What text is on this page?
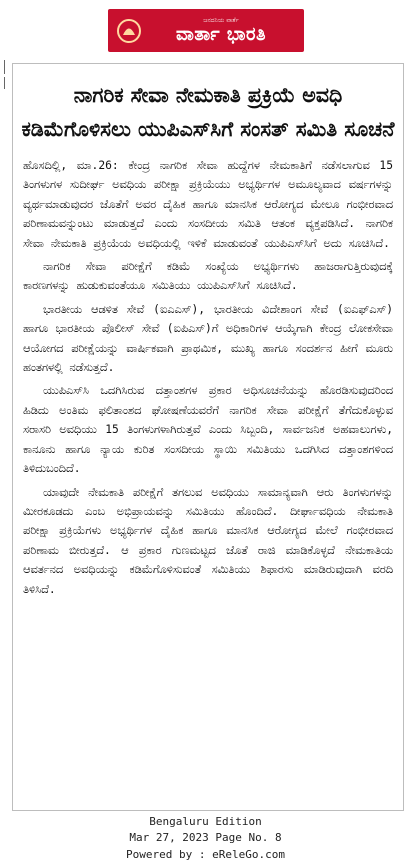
ಜನದನಿಯ ವಾರ್ತೆ
ವಾರ್ತಾ ಭಾರತಿ
ನಾಗರಿಕ ಸೇವಾ ನೇಮಕಾತಿ ಪ್ರಕ್ರಿಯೆ ಅವಧಿ ಕಡಿಮೆಗೊಳಿಸಲು ಯುಪಿಎಸ್‌ಸಿಗೆ ಸಂಸತ್ ಸಮಿತಿ ಸೂಚನೆ

ಹೊಸದಿಲ್ಲಿ, ಮಾ.26: ಕೇಂದ್ರ ನಾಗರಿಕ ಸೇವಾ ಹುದ್ದೆಗಳ ನೇಮಕಾತಿಗೆ ನಡೆಸಲಾಗುವ 15 ತಿಂಗಳುಗಳ ಸುದೀರ್ಘ ಅವಧಿಯ ಪರೀಕ್ಷಾ ಪ್ರಕ್ರಿಯೆಯು ಅಭ್ಯರ್ಥಿಗಳ ಅಮೂಲ್ಯವಾದ ವರ್ಷಗಳನ್ನು ವ್ಯರ್ಥಮಾಡುವುದರ ಜೊತೆಗೆ ಅವರ ದೈಹಿಕ ಹಾಗೂ ಮಾನಸಿಕ ಆರೋಗ್ಯದ ಮೇಲೂ ಗಂಭೀರವಾದ ಪರಿಣಾಮವನ್ನುಂಟು ಮಾಡುತ್ತದೆ ಎಂದು ಸಂಸದೀಯ ಸಮಿತಿ ಆತಂಕ ವ್ಯಕ್ತಪಡಿಸಿದೆ. ನಾಗರಿಕ ಸೇವಾ ನೇಮಕಾತಿ ಪ್ರಕ್ರಿಯೆಯ ಅವಧಿಯಲ್ಲಿ ಇಳಿಕೆ ಮಾಡುವಂತೆ ಯುಪಿಎಸ್‌ಸಿಗೆ ಅದು ಸೂಚಿಸಿದೆ.

ನಾಗರಿಕ ಸೇವಾ ಪರೀಕ್ಷೆಗೆ ಕಡಿಮೆ ಸಂಖ್ಯೆಯ ಅಭ್ಯರ್ಥಿಗಳು ಹಾಜರಾಗುತ್ತಿರುವುದಕ್ಕೆ ಕಾರಣಗಳನ್ನು ಹುಡುಕುವಂತೆಯೂ ಸಮಿತಿಯು ಯುಪಿಎಸ್‌ಸಿಗೆ ಸೂಚಿಸಿದೆ.

ಭಾರತೀಯ ಆಡಳಿತ ಸೇವೆ (ಐಎಎಸ್), ಭಾರತೀಯ ವಿದೇಶಾಂಗ ಸೇವೆ (ಐಎಫ್‌ಎಸ್) ಹಾಗೂ ಭಾರತೀಯ ಪೊಲೀಸ್ ಸೇವೆ (ಐಪಿಎಸ್)ಗೆ ಅಧಿಕಾರಿಗಳ ಆಯ್ಕೆಗಾಗಿ ಕೇಂದ್ರ ಲೋಕಸೇವಾ ಆಯೋಗದ ಪರೀಕ್ಷೆಯನ್ನು ವಾರ್ಷಿಕವಾಗಿ ಪ್ರಾಥಮಿಕ, ಮುಖ್ಯ ಹಾಗೂ ಸಂದರ್ಶನ ಹೀಗೆ ಮೂರು ಹಂತಗಳಲ್ಲಿ ನಡೆಸುತ್ತದೆ.

ಯುಪಿಎಸ್‌ಸಿ ಒದಗಿಸಿರುವ ದತ್ತಾಂಶಗಳ ಪ್ರಕಾರ ಅಧಿಸೂಚನೆಯನ್ನು ಹೊರಡಿಸುವುದರಿಂದ ಹಿಡಿದು ಅಂತಿಮ ಫಲಿತಾಂಶದ ಘೋಷಣೆಯವರೆಗೆ ನಾಗರಿಕ ಸೇವಾ ಪರೀಕ್ಷೆಗೆ ತೆಗೆದುಕೊಳ್ಳುವ ಸರಾಸರಿ ಅವಧಿಯು 15 ತಿಂಗಳುಗಳಾಗಿರುತ್ತವೆ ಎಂದು ಸಿಬ್ಬಂದಿ, ಸಾರ್ವಜನಿಕ ಅಹವಾಲುಗಳು, ಕಾನೂನು ಹಾಗೂ ನ್ಯಾಯ ಕುರಿತ ಸಂಸದೀಯ ಸ್ಥಾಯಿ ಸಮಿತಿಯು ಒದಗಿಸಿದ ದತ್ತಾಂಶಗಳಿಂದ ತಿಳಿದುಬಂದಿದೆ.

ಯಾವುದೇ ನೇಮಕಾತಿ ಪರೀಕ್ಷೆಗೆ ತಗಲುವ ಅವಧಿಯು ಸಾಮಾನ್ಯವಾಗಿ ಆರು ತಿಂಗಳುಗಳನ್ನು ಮೀರಕೂಡದು ಎಂಬ ಅಭಿಪ್ರಾಯವನ್ನು ಸಮಿತಿಯು ಹೊಂದಿದೆ. ದೀರ್ಘಾವಧಿಯ ನೇಮಕಾತಿ ಪರೀಕ್ಷಾ ಪ್ರಕ್ರಿಯೆಗಳು ಅಭ್ಯರ್ಥಿಗಳ ದೈಹಿಕ ಹಾಗೂ ಮಾನಸಿಕ ಆರೋಗ್ಯದ ಮೇಲೆ ಗಂಭೀರವಾದ ಪರಿಣಾಮ ಬೀರುತ್ತದೆ. ಆ ಪ್ರಕಾರ ಗುಣಮಟ್ಟದ ಜೊತೆ ರಾಜಿ ಮಾಡಿಕೊಳ್ಳದೆ ನೇಮಕಾತಿಯ ಆವರ್ತನದ ಅವಧಿಯನ್ನು ಕಡಿಮೆಗೊಳಿಸುವಂತೆ ಸಮಿತಿಯು ಶಿಫಾರಸು ಮಾಡಿರುವುದಾಗಿ ವರದಿ ತಿಳಿಸಿದೆ.

Bengaluru Edition
Mar 27, 2023 Page No. 8
Powered by : eReleGo.com
